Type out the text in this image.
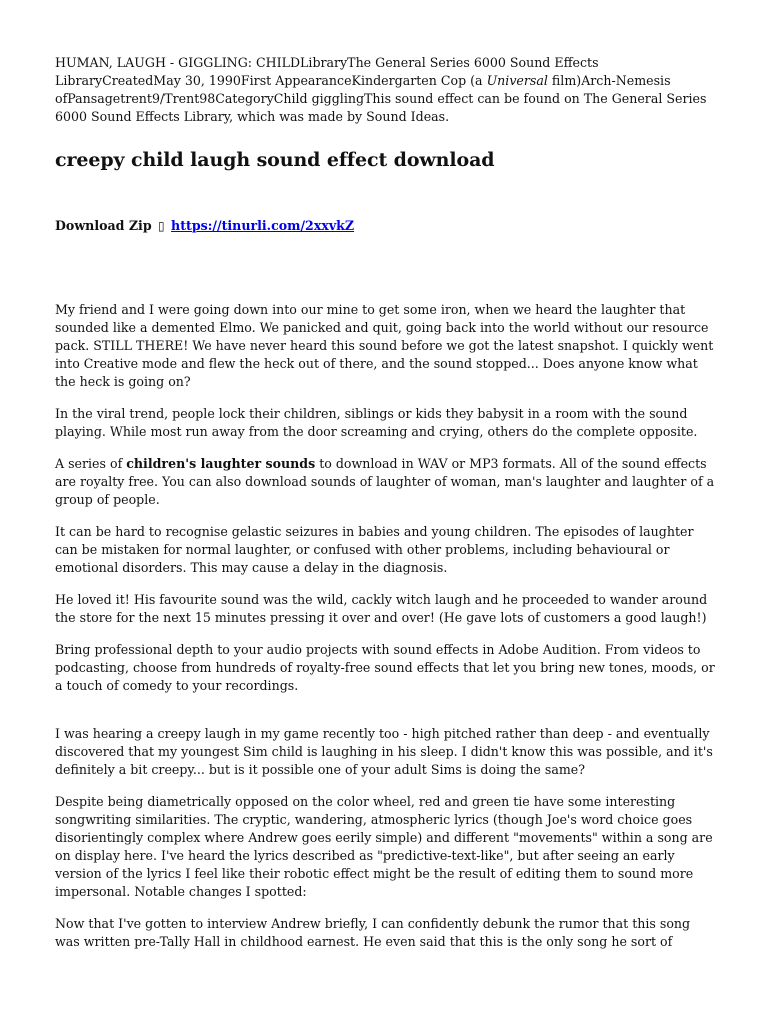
HUMAN, LAUGH - GIGGLING: CHILDLibraryThe General Series 6000 Sound Effects LibraryCreatedMay 30, 1990First AppearanceKindergarten Cop (a Universal film)Arch-Nemesis ofPansagetrent9/Trent98CategoryChild gigglingThis sound effect can be found on The General Series 6000 Sound Effects Library, which was made by Sound Ideas.

creepy child laugh sound effect download

Download Zip ▯ https://tinurli.com/2xxvkZ

My friend and I were going down into our mine to get some iron, when we heard the laughter that sounded like a demented Elmo. We panicked and quit, going back into the world without our resource pack. STILL THERE! We have never heard this sound before we got the latest snapshot. I quickly went into Creative mode and flew the heck out of there, and the sound stopped... Does anyone know what the heck is going on?

In the viral trend, people lock their children, siblings or kids they babysit in a room with the sound playing. While most run away from the door screaming and crying, others do the complete opposite.

A series of children's laughter sounds to download in WAV or MP3 formats. All of the sound effects are royalty free. You can also download sounds of laughter of woman, man's laughter and laughter of a group of people.

It can be hard to recognise gelastic seizures in babies and young children. The episodes of laughter can be mistaken for normal laughter, or confused with other problems, including behavioural or emotional disorders. This may cause a delay in the diagnosis.

He loved it! His favourite sound was the wild, cackly witch laugh and he proceeded to wander around the store for the next 15 minutes pressing it over and over! (He gave lots of customers a good laugh!)

Bring professional depth to your audio projects with sound effects in Adobe Audition. From videos to podcasting, choose from hundreds of royalty-free sound effects that let you bring new tones, moods, or a touch of comedy to your recordings.

I was hearing a creepy laugh in my game recently too - high pitched rather than deep - and eventually discovered that my youngest Sim child is laughing in his sleep. I didn't know this was possible, and it's definitely a bit creepy... but is it possible one of your adult Sims is doing the same?

Despite being diametrically opposed on the color wheel, red and green tie have some interesting songwriting similarities. The cryptic, wandering, atmospheric lyrics (though Joe's word choice goes disorientingly complex where Andrew goes eerily simple) and different "movements" within a song are on display here. I've heard the lyrics described as "predictive-text-like", but after seeing an early version of the lyrics I feel like their robotic effect might be the result of editing them to sound more impersonal. Notable changes I spotted:

Now that I've gotten to interview Andrew briefly, I can confidently debunk the rumor that this song was written pre-Tally Hall in childhood earnest. He even said that this is the only song he sort of
